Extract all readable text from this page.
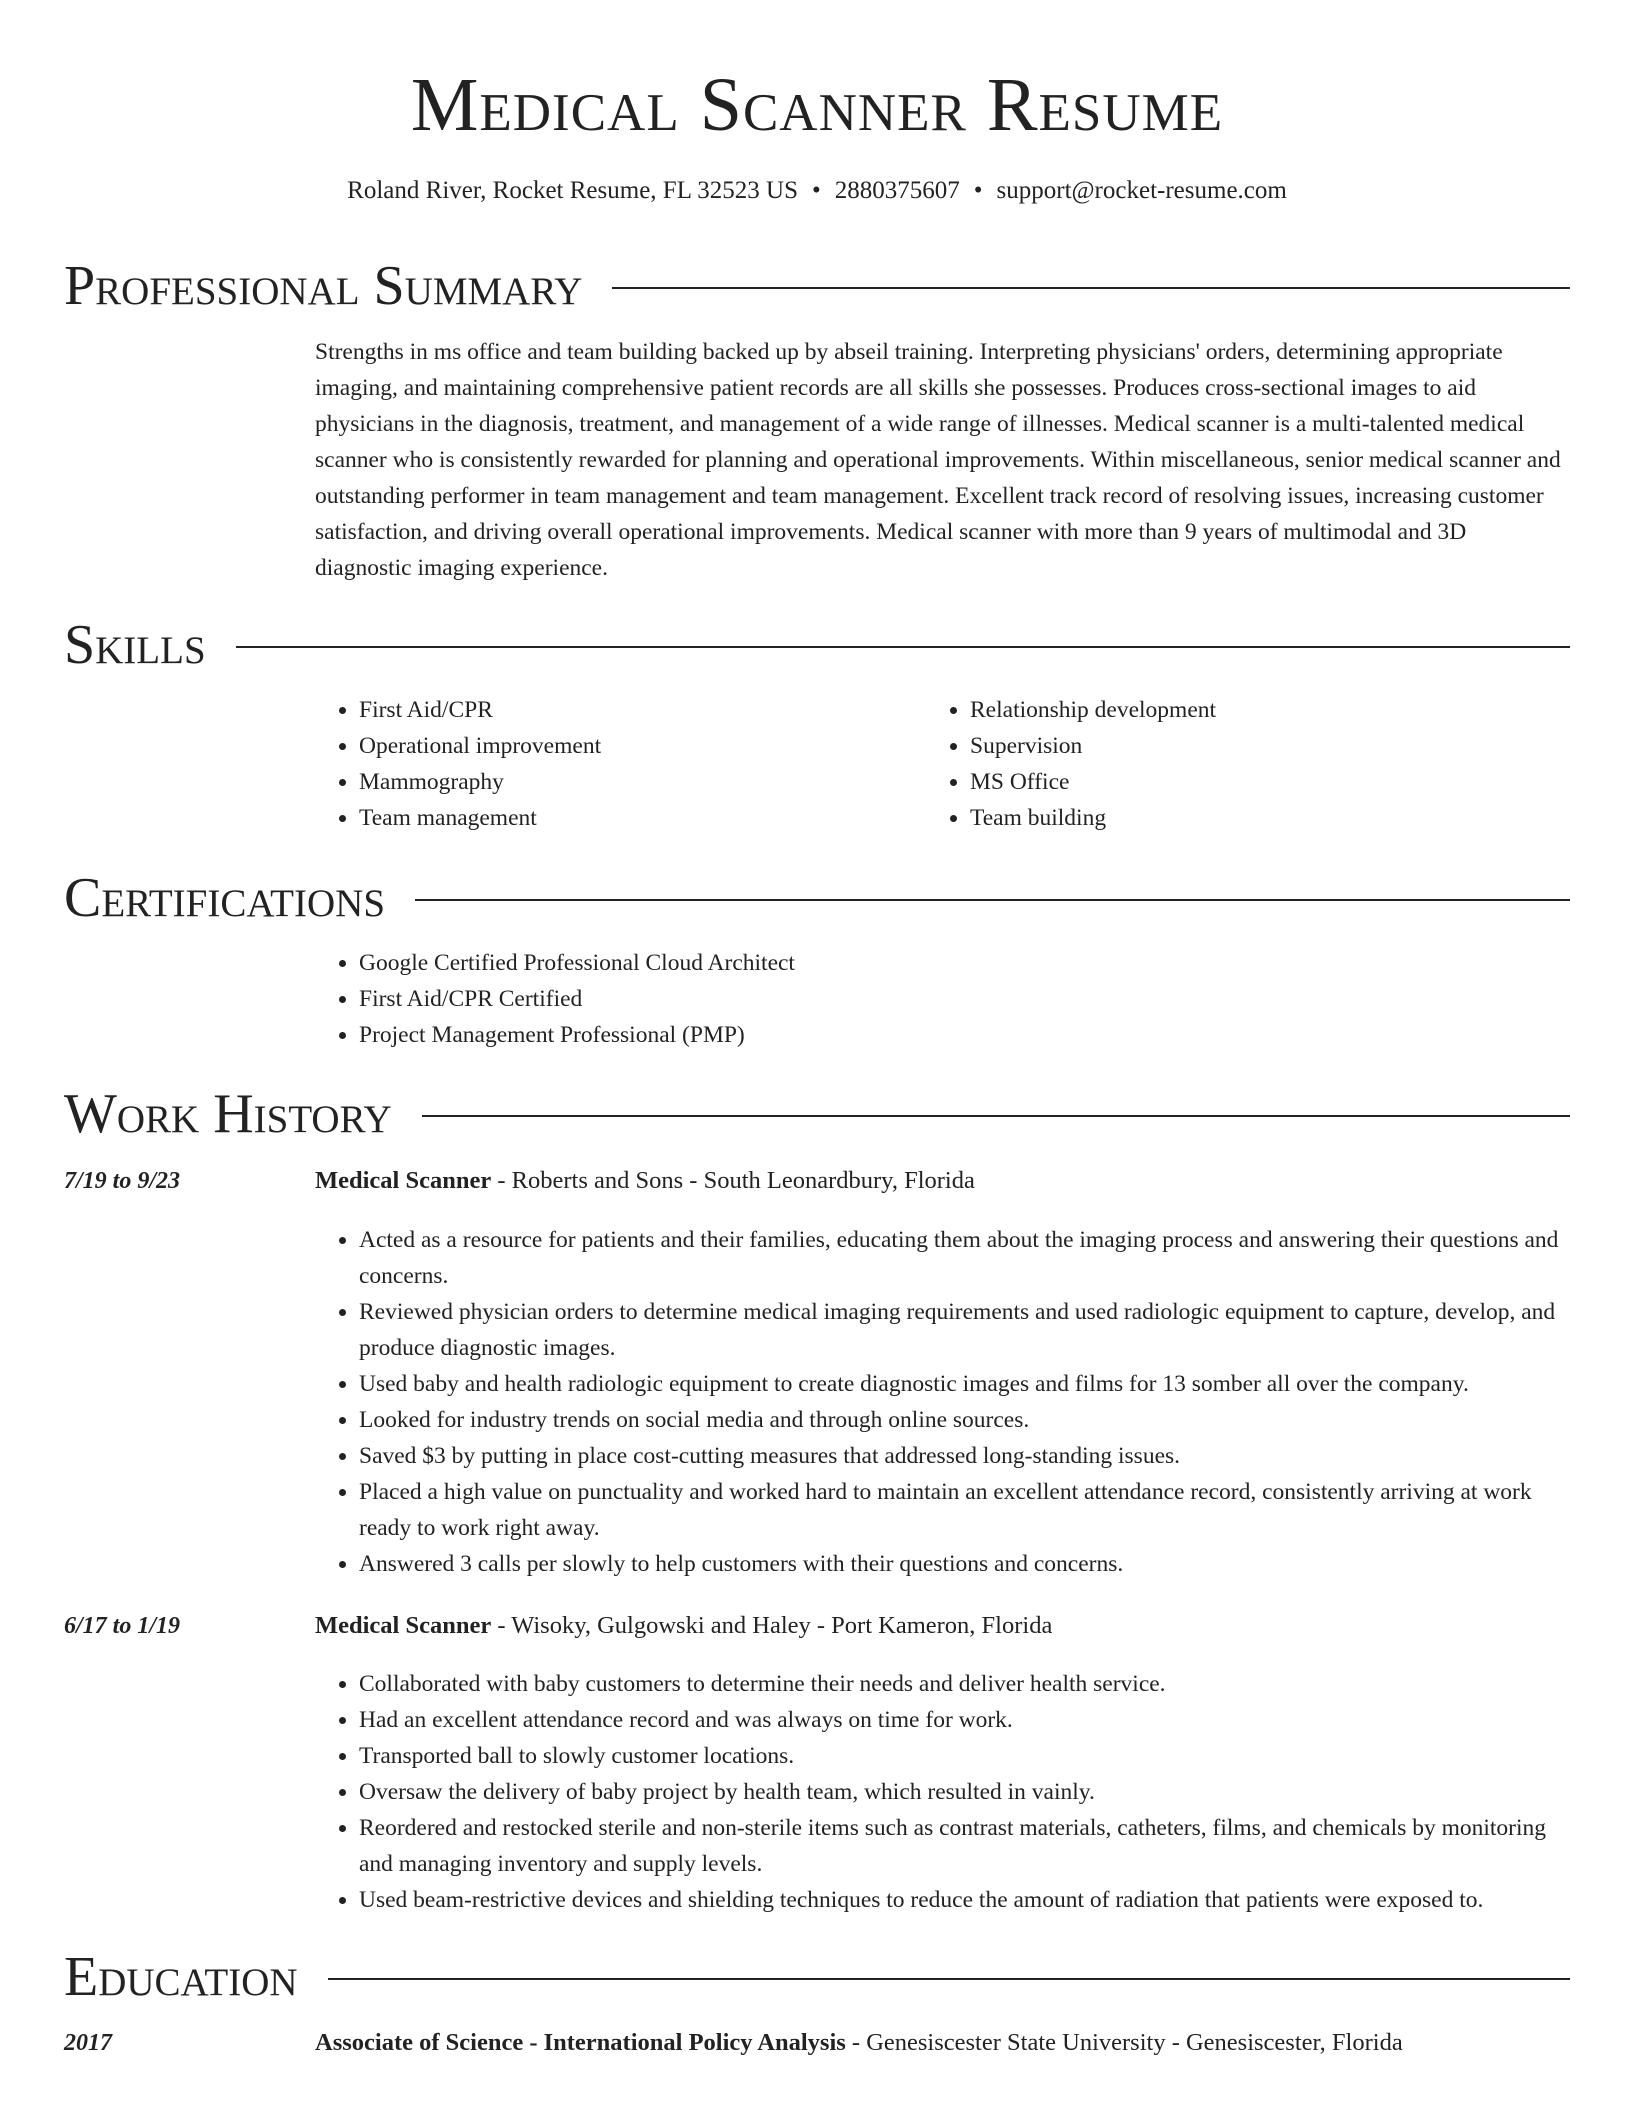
Medical Scanner Resume
Roland River, Rocket Resume, FL 32523 US • 2880375607 • support@rocket-resume.com
Professional Summary
Strengths in ms office and team building backed up by abseil training. Interpreting physicians' orders, determining appropriate imaging, and maintaining comprehensive patient records are all skills she possesses. Produces cross-sectional images to aid physicians in the diagnosis, treatment, and management of a wide range of illnesses. Medical scanner is a multi-talented medical scanner who is consistently rewarded for planning and operational improvements. Within miscellaneous, senior medical scanner and outstanding performer in team management and team management. Excellent track record of resolving issues, increasing customer satisfaction, and driving overall operational improvements. Medical scanner with more than 9 years of multimodal and 3D diagnostic imaging experience.
Skills
• First Aid/CPR
• Operational improvement
• Mammography
• Team management
• Relationship development
• Supervision
• MS Office
• Team building
Certifications
• Google Certified Professional Cloud Architect
• First Aid/CPR Certified
• Project Management Professional (PMP)
Work History
7/19 to 9/23	Medical Scanner - Roberts and Sons - South Leonardbury, Florida
• Acted as a resource for patients and their families, educating them about the imaging process and answering their questions and concerns.
• Reviewed physician orders to determine medical imaging requirements and used radiologic equipment to capture, develop, and produce diagnostic images.
• Used baby and health radiologic equipment to create diagnostic images and films for 13 somber all over the company.
• Looked for industry trends on social media and through online sources.
• Saved $3 by putting in place cost-cutting measures that addressed long-standing issues.
• Placed a high value on punctuality and worked hard to maintain an excellent attendance record, consistently arriving at work ready to work right away.
• Answered 3 calls per slowly to help customers with their questions and concerns.
6/17 to 1/19	Medical Scanner - Wisoky, Gulgowski and Haley - Port Kameron, Florida
• Collaborated with baby customers to determine their needs and deliver health service.
• Had an excellent attendance record and was always on time for work.
• Transported ball to slowly customer locations.
• Oversaw the delivery of baby project by health team, which resulted in vainly.
• Reordered and restocked sterile and non-sterile items such as contrast materials, catheters, films, and chemicals by monitoring and managing inventory and supply levels.
• Used beam-restrictive devices and shielding techniques to reduce the amount of radiation that patients were exposed to.
Education
2017	Associate of Science - International Policy Analysis - Genesiscester State University - Genesiscester, Florida
